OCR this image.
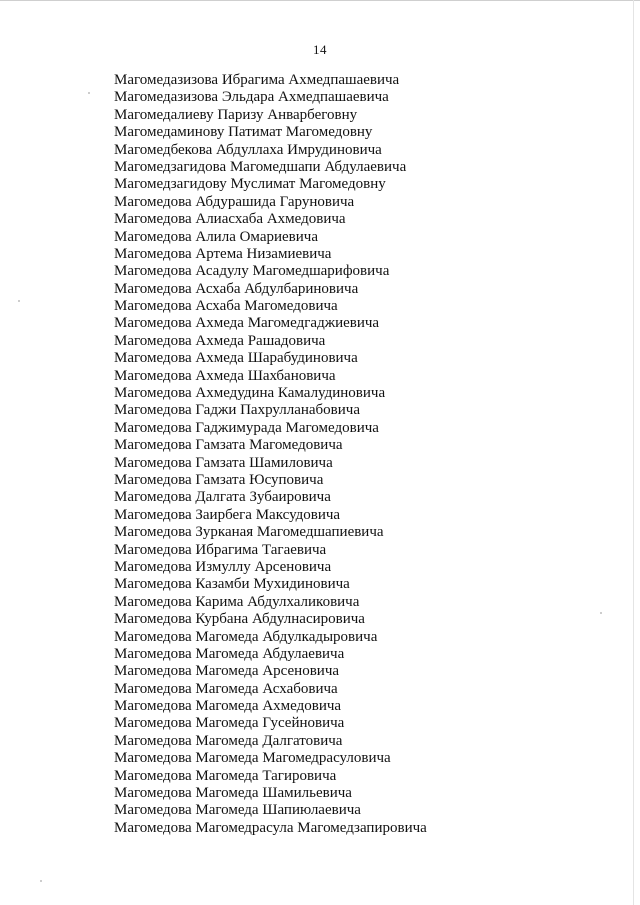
14
Магомедазизова Ибрагима Ахмедпашаевича
Магомедазизова Эльдара Ахмедпашаевича
Магомедалиеву Паризу Анварбеговну
Магомедаминову Патимат Магомедовну
Магомедбекова Абдуллаха Имрудиновича
Магомедзагидова Магомедшапи Абдулаевича
Магомедзагидову Муслимат Магомедовну
Магомедова Абдурашида Гаруновича
Магомедова Алиасхаба Ахмедовича
Магомедова Алила Омариевича
Магомедова Артема Низамиевича
Магомедова Асадулу Магомедшарифовича
Магомедова Асхаба Абдулбариновича
Магомедова Асхаба Магомедовича
Магомедова Ахмеда Магомедгаджиевича
Магомедова Ахмеда Рашадовича
Магомедова Ахмеда Шарабудиновича
Магомедова Ахмеда Шахбановича
Магомедова Ахмедудина Камалудиновича
Магомедова Гаджи Пахрулланабовича
Магомедова Гаджимурада Магомедовича
Магомедова Гамзата Магомедовича
Магомедова Гамзата Шамиловича
Магомедова Гамзата Юсуповича
Магомедова Далгата Зубаировича
Магомедова Заирбега Максудовича
Магомедова Зурканая Магомедшапиевича
Магомедова Ибрагима Тагаевича
Магомедова Измуллу Арсеновича
Магомедова Казамби Мухидиновича
Магомедова Карима Абдулхаликовича
Магомедова Курбана Абдулнасировича
Магомедова Магомеда Абдулкадыровича
Магомедова Магомеда Абдулаевича
Магомедова Магомеда Арсеновича
Магомедова Магомеда Асхабовича
Магомедова Магомеда Ахмедовича
Магомедова Магомеда Гусейновича
Магомедова Магомеда Далгатовича
Магомедова Магомеда Магомедрасуловича
Магомедова Магомеда Тагировича
Магомедова Магомеда Шамильевича
Магомедова Магомеда Шапиюлаевича
Магомедова Магомедрасула Магомедзапировича
